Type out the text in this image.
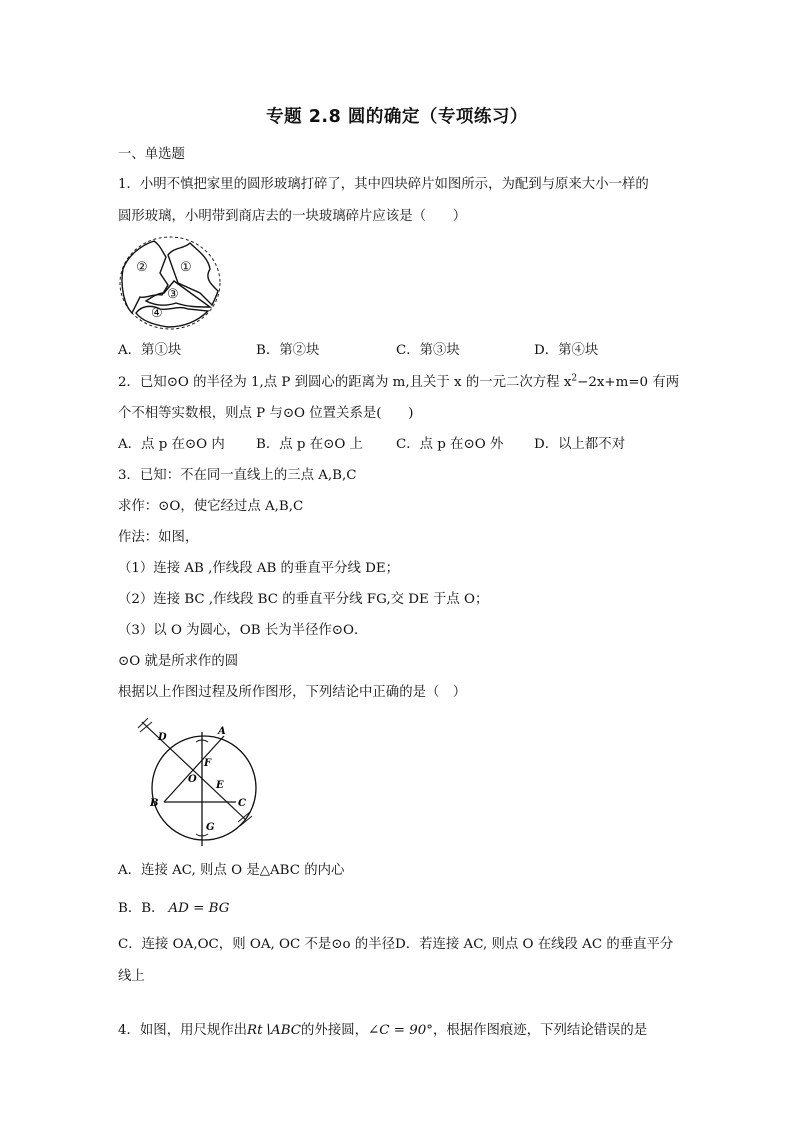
专题 2.8 圆的确定（专项练习）
一、单选题
1．小明不慎把家里的圆形玻璃打碎了，其中四块碎片如图所示，为配到与原来大小一样的
圆形玻璃，小明带到商店去的一块玻璃碎片应该是（　　）
② ①
③
④
A．第①块	B．第②块	C．第③块	D．第④块
2．已知⊙O 的半径为 1,点 P 到圆心的距离为 m,且关于 x 的一元二次方程 $x^2-2x+m=0$ 有两
个不相等实数根，则点 P 与⊙O 位置关系是(　　)
A．点 p 在⊙O 内 B．点 p 在⊙O 上 C．点 p 在⊙O 外 D．以上都不对
3．已知：不在同一直线上的三点 A,B,C
求作：⊙O，使它经过点 A,B,C
作法：如图，
（1）连接 AB ,作线段 AB 的垂直平分线 DE；
（2）连接 BC ,作线段 BC 的垂直平分线 FG,交 DE 于点 O；
（3）以 O 为圆心，OB 长为半径作⊙O．
⊙O 就是所求作的圆
根据以上作图过程及所作图形，下列结论中正确的是（　）
D
A
F
O
E
B	C
G
A．连接 AC, 则点 O 是△ABC 的内心
B．B． AD = BG
C．连接 OA,OC，则 OA, OC 不是⊙o 的半径D．若连接 AC, 则点 O 在线段 AC 的垂直平分
线上
4．如图，用尺规作出Rt∖ABC的外接圆，∠C = 90°，根据作图痕迹，下列结论错误的是
